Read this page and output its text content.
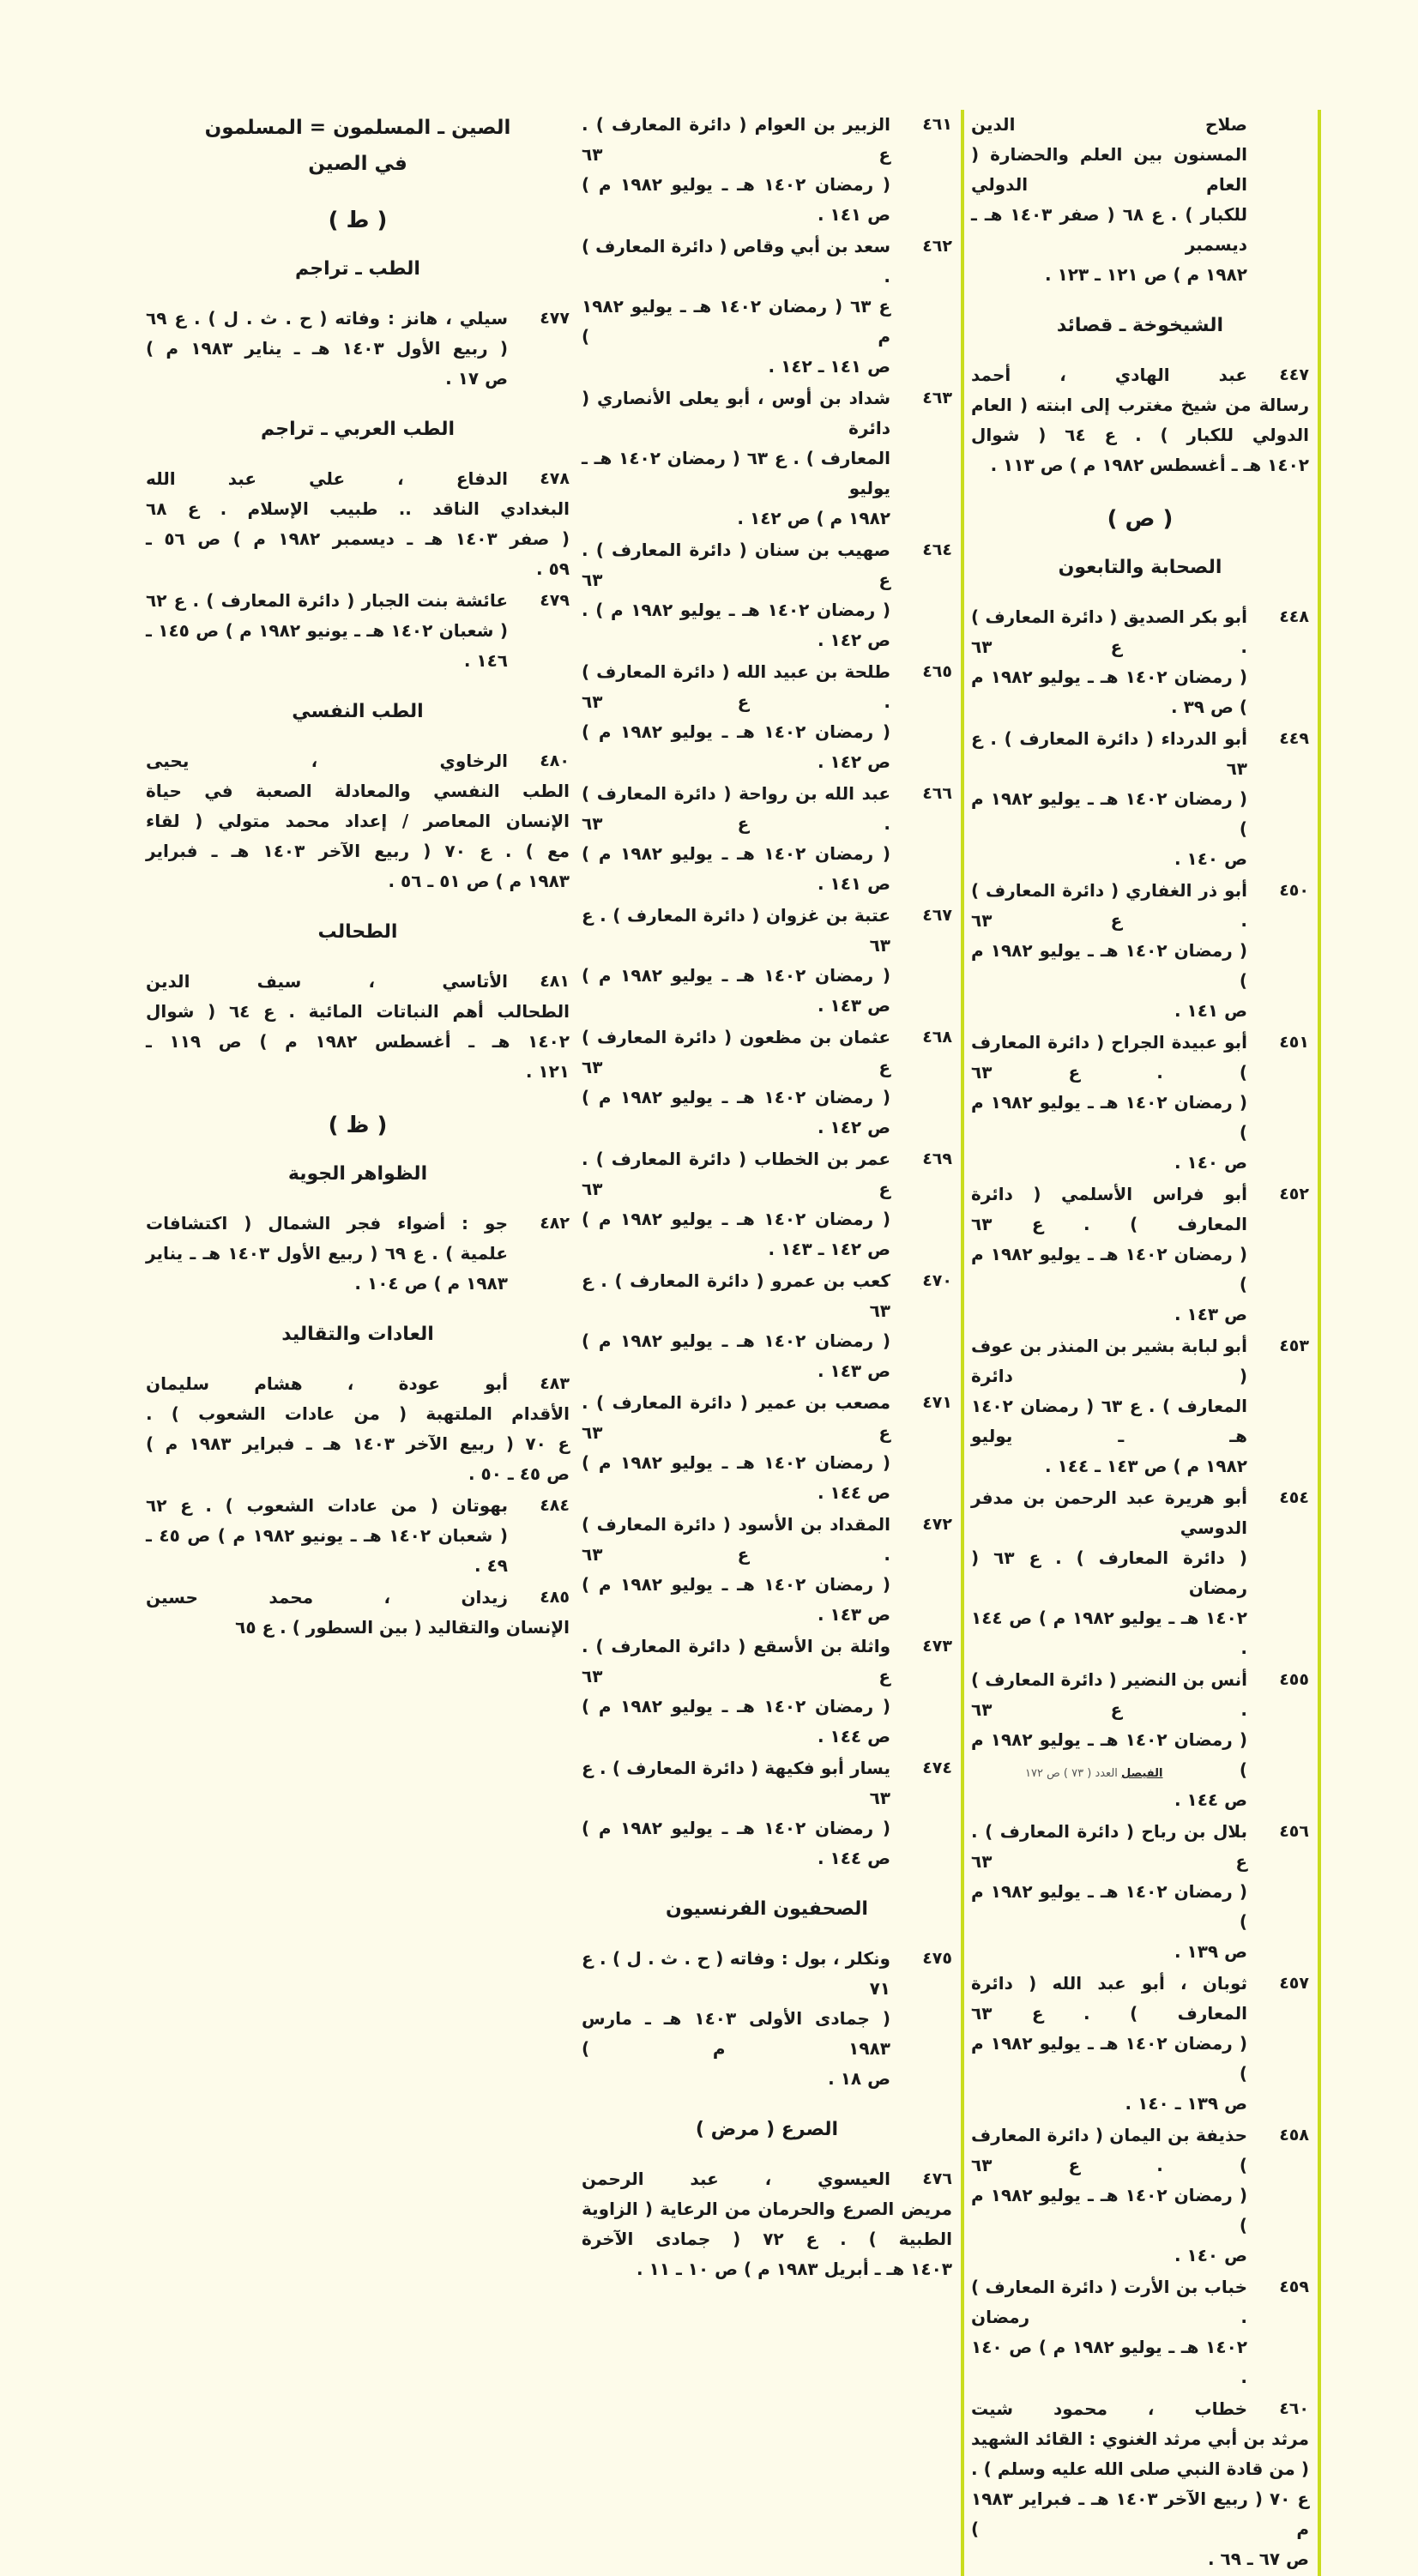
صلاح الدين
المسنون بين العلم والحضارة ( العام الدولي
للكبار ) . ع ٦٨ ( صفر ١٤٠٣ هـ ـ ديسمبر
١٩٨٢ م ) ص ١٢١ ـ ١٢٣ .
الشيخوخة ـ قصائد
٤٤٧
عبد الهادي ، أحمد
رسالة من شيخ مغترب إلى ابنته ( العام
الدولي للكبار ) . ع ٦٤ ( شوال
١٤٠٢ هـ ـ أغسطس ١٩٨٢ م ) ص ١١٣ .
( ص )
الصحابة والتابعون
٤٤٨
أبو بكر الصديق ( دائرة المعارف ) . ع ٦٣
( رمضان ١٤٠٢ هـ ـ يوليو ١٩٨٢ م ) ص ٣٩ .
٤٤٩
أبو الدرداء ( دائرة المعارف ) . ع ٦٣
( رمضان ١٤٠٢ هـ ـ يوليو ١٩٨٢ م )
ص ١٤٠ .
٤٥٠
أبو ذر الغفاري ( دائرة المعارف ) . ع ٦٣
( رمضان ١٤٠٢ هـ ـ يوليو ١٩٨٢ م )
ص ١٤١ .
٤٥١
أبو عبيدة الجراح ( دائرة المعارف ) . ع ٦٣
( رمضان ١٤٠٢ هـ ـ يوليو ١٩٨٢ م )
ص ١٤٠ .
٤٥٢
أبو فراس الأسلمي ( دائرة المعارف ) . ع ٦٣
( رمضان ١٤٠٢ هـ ـ يوليو ١٩٨٢ م )
ص ١٤٣ .
٤٥٣
أبو لبابة بشير بن المنذر بن عوف ( دائرة
المعارف ) . ع ٦٣ ( رمضان ١٤٠٢ هـ ـ يوليو
١٩٨٢ م ) ص ١٤٣ ـ ١٤٤ .
٤٥٤
أبو هريرة عبد الرحمن بن مدفر الدوسي
( دائرة المعارف ) . ع ٦٣ ( رمضان
١٤٠٢ هـ ـ يوليو ١٩٨٢ م ) ص ١٤٤ .
٤٥٥
أنس بن النضير ( دائرة المعارف ) . ع ٦٣
( رمضان ١٤٠٢ هـ ـ يوليو ١٩٨٢ م )
ص ١٤٤ .
٤٥٦
بلال بن رباح ( دائرة المعارف ) . ع ٦٣
( رمضان ١٤٠٢ هـ ـ يوليو ١٩٨٢ م )
ص ١٣٩ .
٤٥٧
ثوبان ، أبو عبد الله ( دائرة المعارف ) . ع ٦٣
( رمضان ١٤٠٢ هـ ـ يوليو ١٩٨٢ م )
ص ١٣٩ ـ ١٤٠ .
٤٥٨
حذيفة بن اليمان ( دائرة المعارف ) . ع ٦٣
( رمضان ١٤٠٢ هـ ـ يوليو ١٩٨٢ م )
ص ١٤٠ .
٤٥٩
خباب بن الأرت ( دائرة المعارف ) . رمضان
١٤٠٢ هـ ـ يوليو ١٩٨٢ م ) ص ١٤٠ .
٤٦٠
خطاب ، محمود شيت
مرثد بن أبي مرثد الغنوي : القائد الشهيد
( من قادة النبي صلى الله عليه وسلم ) .
ع ٧٠ ( ربيع الآخر ١٤٠٣ هـ ـ فبراير ١٩٨٣ م )
ص ٦٧ ـ ٦٩ .
٤٦١
الزبير بن العوام ( دائرة المعارف ) . ع ٦٣
( رمضان ١٤٠٢ هـ ـ يوليو ١٩٨٢ م )
ص ١٤١ .
٤٦٢
سعد بن أبي وقاص ( دائرة المعارف ) .
ع ٦٣ ( رمضان ١٤٠٢ هـ ـ يوليو ١٩٨٢ م )
ص ١٤١ ـ ١٤٢ .
٤٦٣
شداد بن أوس ، أبو يعلى الأنصاري ( دائرة
المعارف ) . ع ٦٣ ( رمضان ١٤٠٢ هـ ـ يوليو
١٩٨٢ م ) ص ١٤٢ .
٤٦٤
صهيب بن سنان ( دائرة المعارف ) . ع ٦٣
( رمضان ١٤٠٢ هـ ـ يوليو ١٩٨٢ م ) .
ص ١٤٢ .
٤٦٥
طلحة بن عبيد الله ( دائرة المعارف ) . ع ٦٣
( رمضان ١٤٠٢ هـ ـ يوليو ١٩٨٢ م )
ص ١٤٢ .
٤٦٦
عبد الله بن رواحة ( دائرة المعارف ) . ع ٦٣
( رمضان ١٤٠٢ هـ ـ يوليو ١٩٨٢ م )
ص ١٤١ .
٤٦٧
عتبة بن غزوان ( دائرة المعارف ) . ع ٦٣
( رمضان ١٤٠٢ هـ ـ يوليو ١٩٨٢ م )
ص ١٤٣ .
٤٦٨
عثمان بن مظعون ( دائرة المعارف ) ع ٦٣
( رمضان ١٤٠٢ هـ ـ يوليو ١٩٨٢ م )
ص ١٤٢ .
٤٦٩
عمر بن الخطاب ( دائرة المعارف ) . ع ٦٣
( رمضان ١٤٠٢ هـ ـ يوليو ١٩٨٢ م )
ص ١٤٢ ـ ١٤٣ .
٤٧٠
كعب بن عمرو ( دائرة المعارف ) . ع ٦٣
( رمضان ١٤٠٢ هـ ـ يوليو ١٩٨٢ م )
ص ١٤٣ .
٤٧١
مصعب بن عمير ( دائرة المعارف ) . ع ٦٣
( رمضان ١٤٠٢ هـ ـ يوليو ١٩٨٢ م )
ص ١٤٤ .
٤٧٢
المقداد بن الأسود ( دائرة المعارف ) . ع ٦٣
( رمضان ١٤٠٢ هـ ـ يوليو ١٩٨٢ م )
ص ١٤٣ .
٤٧٣
واثلة بن الأسقع ( دائرة المعارف ) . ع ٦٣
( رمضان ١٤٠٢ هـ ـ يوليو ١٩٨٢ م )
ص ١٤٤ .
٤٧٤
يسار أبو فكيهة ( دائرة المعارف ) . ع ٦٣
( رمضان ١٤٠٢ هـ ـ يوليو ١٩٨٢ م )
ص ١٤٤ .
الصحفيون الفرنسيون
٤٧٥
ونكلر ، بول : وفاته ( ح . ث . ل ) . ع ٧١
( جمادى الأولى ١٤٠٣ هـ ـ مارس ١٩٨٣ م )
ص ١٨ .
الصرع ( مرض )
٤٧٦
العيسوي ، عبد الرحمن
مريض الصرع والحرمان من الرعاية ( الزاوية
الطبية ) . ع ٧٢ ( جمادى الآخرة
١٤٠٣ هـ ـ أبريل ١٩٨٣ م ) ص ١٠ ـ ١١ .
الصين ـ المسلمون = المسلمون
في الصين
( ط )
الطب ـ تراجم
٤٧٧
سيلي ، هانز : وفاته ( ح . ث . ل ) . ع ٦٩
( ربيع الأول ١٤٠٣ هـ ـ يناير ١٩٨٣ م )
ص ١٧ .
الطب العربي ـ تراجم
٤٧٨
الدفاع ، علي عبد الله
البغدادي الناقد .. طبيب الإسلام . ع ٦٨
( صفر ١٤٠٣ هـ ـ ديسمبر ١٩٨٢ م ) ص ٥٦ ـ
٥٩ .
٤٧٩
عائشة بنت الجبار ( دائرة المعارف ) . ع ٦٢
( شعبان ١٤٠٢ هـ ـ يونيو ١٩٨٢ م ) ص ١٤٥ ـ
١٤٦ .
الطب النفسي
٤٨٠
الرخاوي ، يحيى
الطب النفسي والمعادلة الصعبة في حياة
الإنسان المعاصر / إعداد محمد متولي ( لقاء
مع ) . ع ٧٠ ( ربيع الآخر ١٤٠٣ هـ ـ فبراير
١٩٨٣ م ) ص ٥١ ـ ٥٦ .
الطحالب
٤٨١
الأتاسي ، سيف الدين
الطحالب أهم النباتات المائية . ع ٦٤ ( شوال
١٤٠٢ هـ ـ أغسطس ١٩٨٢ م ) ص ١١٩ ـ
١٢١ .
( ظ )
الظواهر الجوية
٤٨٢
جو : أضواء فجر الشمال ( اكتشافات
علمية ) . ع ٦٩ ( ربيع الأول ١٤٠٣ هـ ـ يناير
١٩٨٣ م ) ص ١٠٤ .
العادات والتقاليد
٤٨٣
أبو عودة ، هشام سليمان
الأقدام الملتهبة ( من عادات الشعوب ) .
ع ٧٠ ( ربيع الآخر ١٤٠٣ هـ ـ فبراير ١٩٨٣ م )
ص ٤٥ ـ ٥٠ .
٤٨٤
بهوتان ( من عادات الشعوب ) . ع ٦٢
( شعبان ١٤٠٢ هـ ـ يونيو ١٩٨٢ م ) ص ٤٥ ـ
٤٩ .
٤٨٥
زيدان ، محمد حسين
الإنسان والتقاليد ( بين السطور ) . ع ٦٥
الفيصل العدد ( ٧٣ ) ص ١٧٢
